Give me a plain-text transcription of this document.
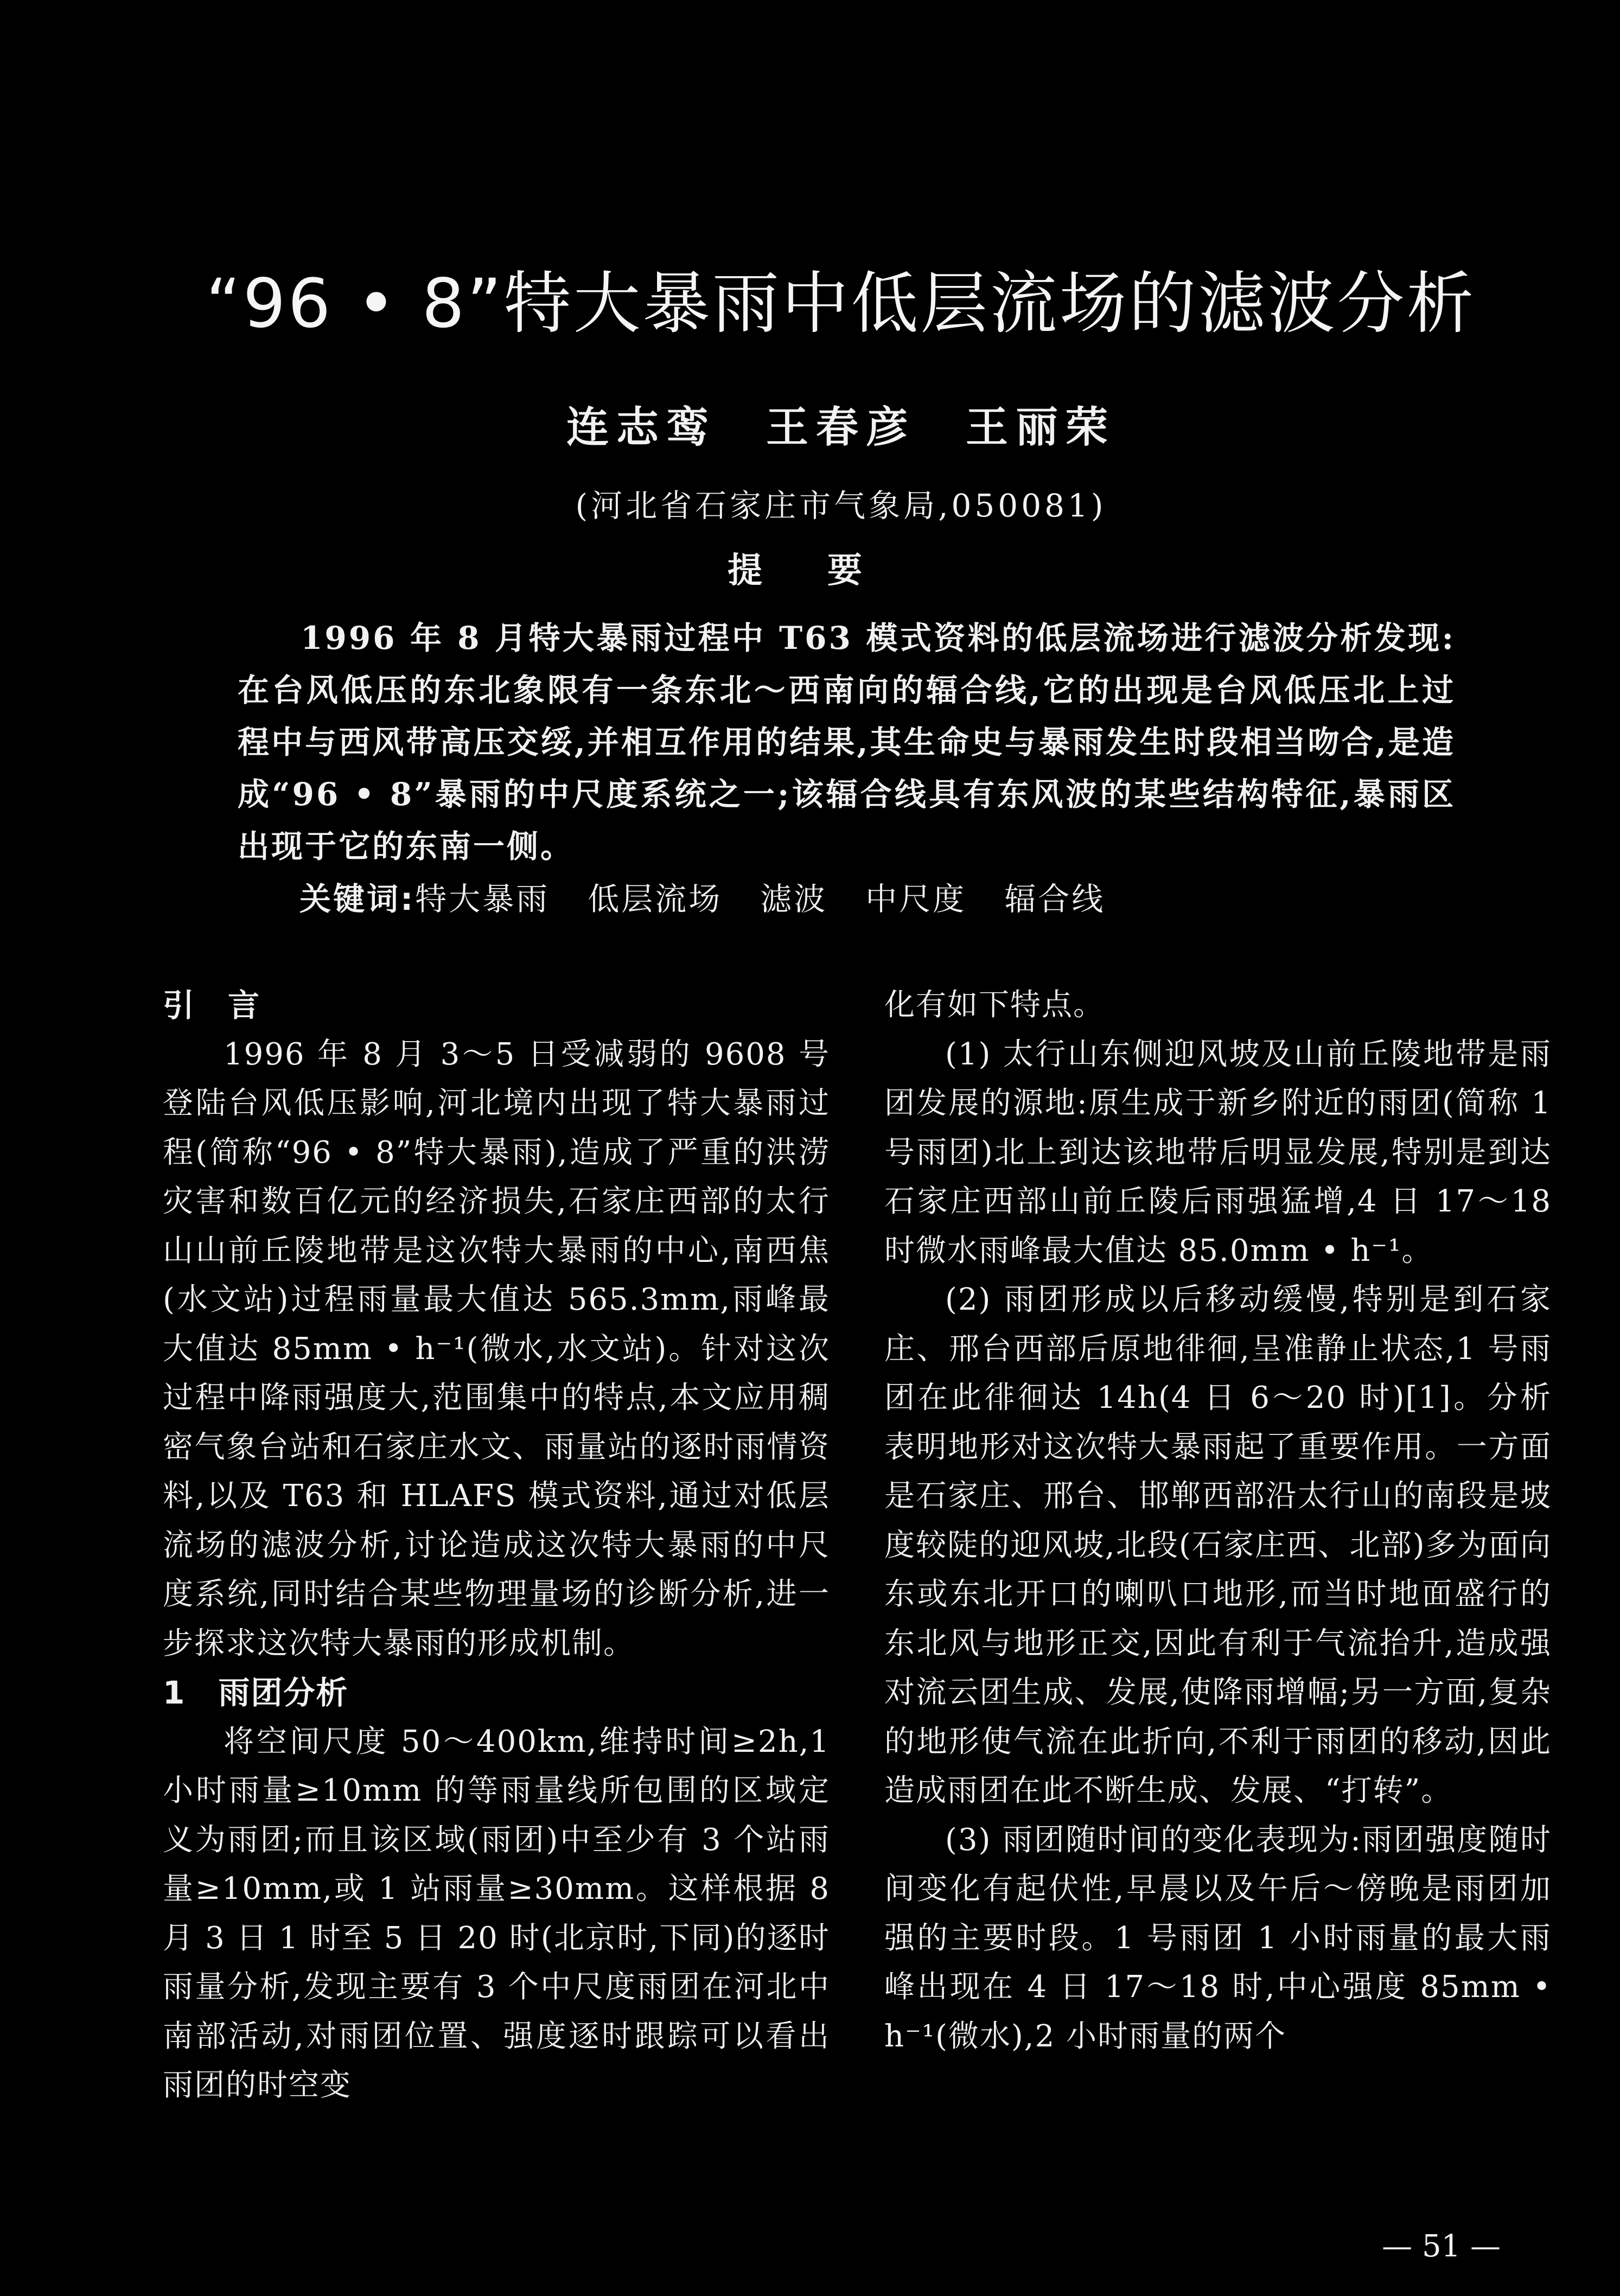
“96 • 8”特大暴雨中低层流场的滤波分析
连志鸾　王春彦　王丽荣
(河北省石家庄市气象局,050081)
提要
1996 年 8 月特大暴雨过程中 T63 模式资料的低层流场进行滤波分析发现:在台风低压的东北象限有一条东北～西南向的辐合线,它的出现是台风低压北上过程中与西风带高压交绥,并相互作用的结果,其生命史与暴雨发生时段相当吻合,是造成“96 • 8”暴雨的中尺度系统之一;该辐合线具有东风波的某些结构特征,暴雨区出现于它的东南一侧。
关键词:特大暴雨 低层流场 滤波 中尺度 辐合线
引　言

1996 年 8 月 3～5 日受减弱的 9608 号登陆台风低压影响,河北境内出现了特大暴雨过程(简称“96 • 8”特大暴雨),造成了严重的洪涝灾害和数百亿元的经济损失,石家庄西部的太行山山前丘陵地带是这次特大暴雨的中心,南西焦(水文站)过程雨量最大值达 565.3mm,雨峰最大值达 85mm • h⁻¹(微水,水文站)。针对这次过程中降雨强度大,范围集中的特点,本文应用稠密气象台站和石家庄水文、雨量站的逐时雨情资料,以及 T63 和 HLAFS 模式资料,通过对低层流场的滤波分析,讨论造成这次特大暴雨的中尺度系统,同时结合某些物理量场的诊断分析,进一步探求这次特大暴雨的形成机制。

1　雨团分析

将空间尺度 50～400km,维持时间≥2h,1 小时雨量≥10mm 的等雨量线所包围的区域定义为雨团;而且该区域(雨团)中至少有 3 个站雨量≥10mm,或 1 站雨量≥30mm。这样根据 8 月 3 日 1 时至 5 日 20 时(北京时,下同)的逐时雨量分析,发现主要有 3 个中尺度雨团在河北中南部活动,对雨团位置、强度逐时跟踪可以看出雨团的时空变

化有如下特点。

(1) 太行山东侧迎风坡及山前丘陵地带是雨团发展的源地:原生成于新乡附近的雨团(简称 1 号雨团)北上到达该地带后明显发展,特别是到达石家庄西部山前丘陵后雨强猛增,4 日 17～18 时微水雨峰最大值达 85.0mm • h⁻¹。

(2) 雨团形成以后移动缓慢,特别是到石家庄、邢台西部后原地徘徊,呈准静止状态,1 号雨团在此徘徊达 14h(4 日 6～20 时)[1]。分析表明地形对这次特大暴雨起了重要作用。一方面是石家庄、邢台、邯郸西部沿太行山的南段是坡度较陡的迎风坡,北段(石家庄西、北部)多为面向东或东北开口的喇叭口地形,而当时地面盛行的东北风与地形正交,因此有利于气流抬升,造成强对流云团生成、发展,使降雨增幅;另一方面,复杂的地形使气流在此折向,不利于雨团的移动,因此造成雨团在此不断生成、发展、“打转”。

(3) 雨团随时间的变化表现为:雨团强度随时间变化有起伏性,早晨以及午后～傍晚是雨团加强的主要时段。1 号雨团 1 小时雨量的最大雨峰出现在 4 日 17～18 时,中心强度 85mm • h⁻¹(微水),2 小时雨量的两个

— 51 —
